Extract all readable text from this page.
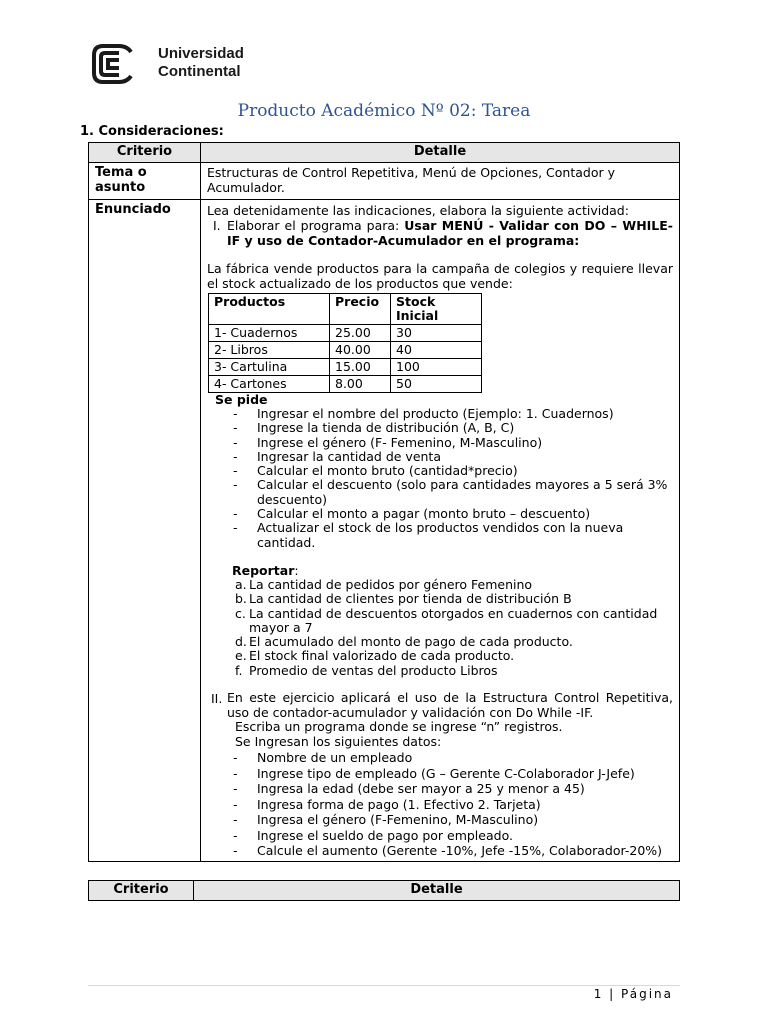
Universidad
Continental
Producto Académico Nº 02: Tarea
1. Consideraciones:
Criterio	Detalle
Tema o asunto	Estructuras de Control Repetitiva, Menú de Opciones, Contador y Acumulador.
Enunciado	Lea detenidamente las indicaciones, elabora la siguiente actividad:
I. Elaborar el programa para: Usar MENÚ - Validar con DO – WHILE-IF y uso de Contador-Acumulador en el programa:
La fábrica vende productos para la campaña de colegios y requiere llevar el stock actualizado de los productos que vende:
Productos	Precio	Stock Inicial
1- Cuadernos	25.00	30
2- Libros	40.00	40
3- Cartulina	15.00	100
4- Cartones	8.00	50
Se pide
- Ingresar el nombre del producto (Ejemplo: 1. Cuadernos)
- Ingrese la tienda de distribución (A, B, C)
- Ingrese el género (F- Femenino, M-Masculino)
- Ingresar la cantidad de venta
- Calcular el monto bruto (cantidad*precio)
- Calcular el descuento (solo para cantidades mayores a 5 será 3% descuento)
- Calcular el monto a pagar (monto bruto – descuento)
- Actualizar el stock de los productos vendidos con la nueva cantidad.
Reportar:
a. La cantidad de pedidos por género Femenino
b. La cantidad de clientes por tienda de distribución B
c. La cantidad de descuentos otorgados en cuadernos con cantidad mayor a 7
d. El acumulado del monto de pago de cada producto.
e. El stock final valorizado de cada producto.
f. Promedio de ventas del producto Libros
II. En este ejercicio aplicará el uso de la Estructura Control Repetitiva, uso de contador-acumulador y validación con Do While -IF.
Escriba un programa donde se ingrese “n” registros.
Se Ingresan los siguientes datos:
- Nombre de un empleado
- Ingrese tipo de empleado (G – Gerente C-Colaborador J-Jefe)
- Ingresa la edad (debe ser mayor a 25 y menor a 45)
- Ingresa forma de pago (1. Efectivo 2. Tarjeta)
- Ingresa el género (F-Femenino, M-Masculino)
- Ingrese el sueldo de pago por empleado.
- Calcule el aumento (Gerente -10%, Jefe -15%, Colaborador-20%)
Criterio	Detalle
1 | Página
